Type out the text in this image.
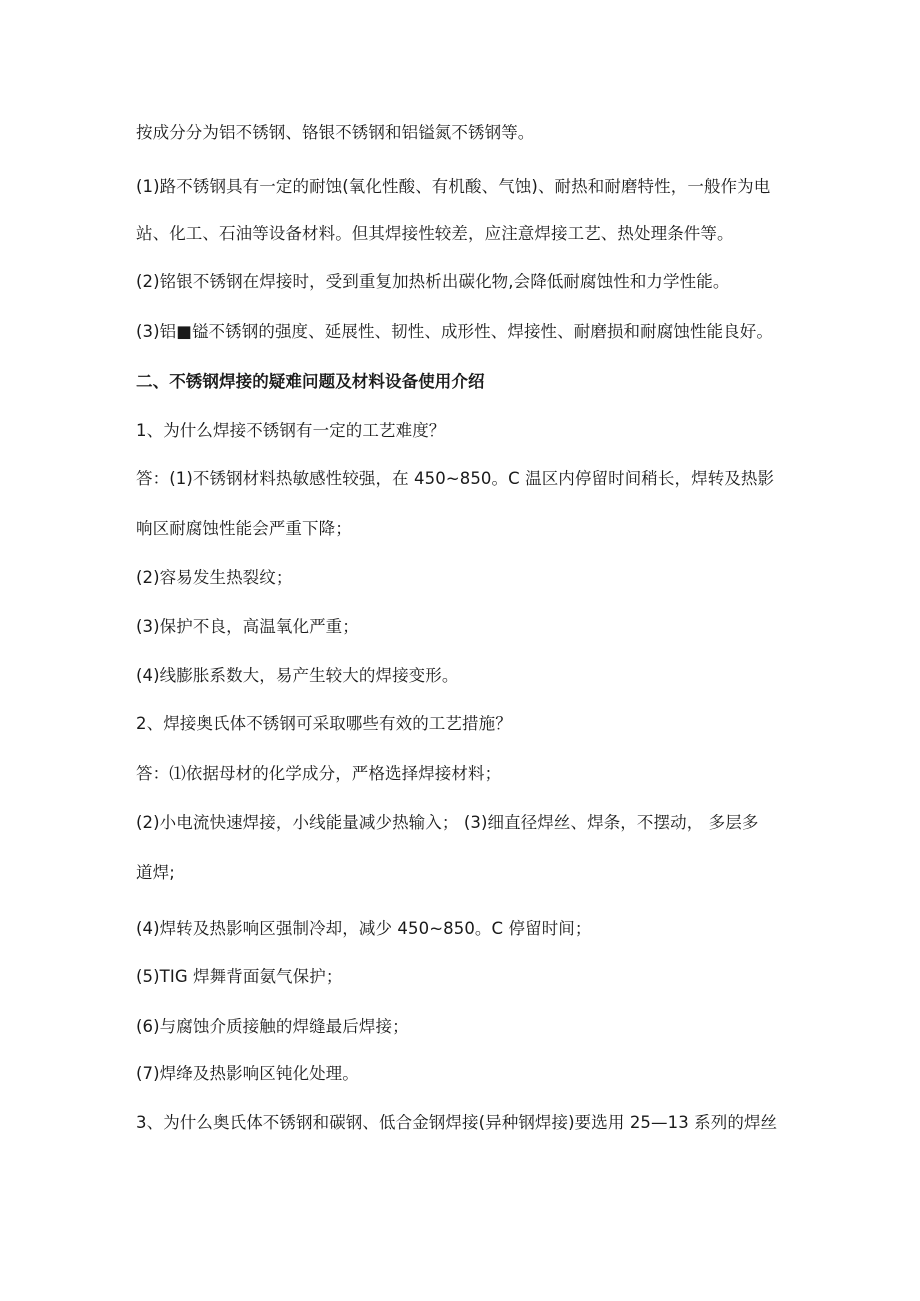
按成分分为铝不锈钢、铬银不锈钢和铝镒氮不锈钢等。
(1)路不锈钢具有一定的耐蚀(氧化性酸、有机酸、气蚀)、耐热和耐磨特性，一般作为电
站、化工、石油等设备材料。但其焊接性较差，应注意焊接工艺、热处理条件等。
(2)铭银不锈钢在焊接时，受到重复加热析出碳化物,会降低耐腐蚀性和力学性能。
(3)铝■镒不锈钢的强度、延展性、韧性、成形性、焊接性、耐磨损和耐腐蚀性能良好。
二、不锈钢焊接的疑难问题及材料设备使用介绍
1、为什么焊接不锈钢有一定的工艺难度？
答：(1)不锈钢材料热敏感性较强，在 450~850。C 温区内停留时间稍长，焊转及热影
响区耐腐蚀性能会严重下降；
(2)容易发生热裂纹；
(3)保护不良，高温氧化严重；
(4)线膨胀系数大，易产生较大的焊接变形。
2、焊接奥氏体不锈钢可采取哪些有效的工艺措施？
答：⑴依据母材的化学成分，严格选择焊接材料；
(2)小电流快速焊接，小线能量减少热输入； (3)细直径焊丝、焊条，不摆动， 多层多
道焊;
(4)焊转及热影响区强制冷却，减少 450~850。C 停留时间；
(5)TIG 焊舞背面氨气保护；
(6)与腐蚀介质接触的焊缝最后焊接；
(7)焊绛及热影响区钝化处理。
3、为什么奥氏体不锈钢和碳钢、低合金钢焊接(异种钢焊接)要选用 25—13 系列的焊丝
